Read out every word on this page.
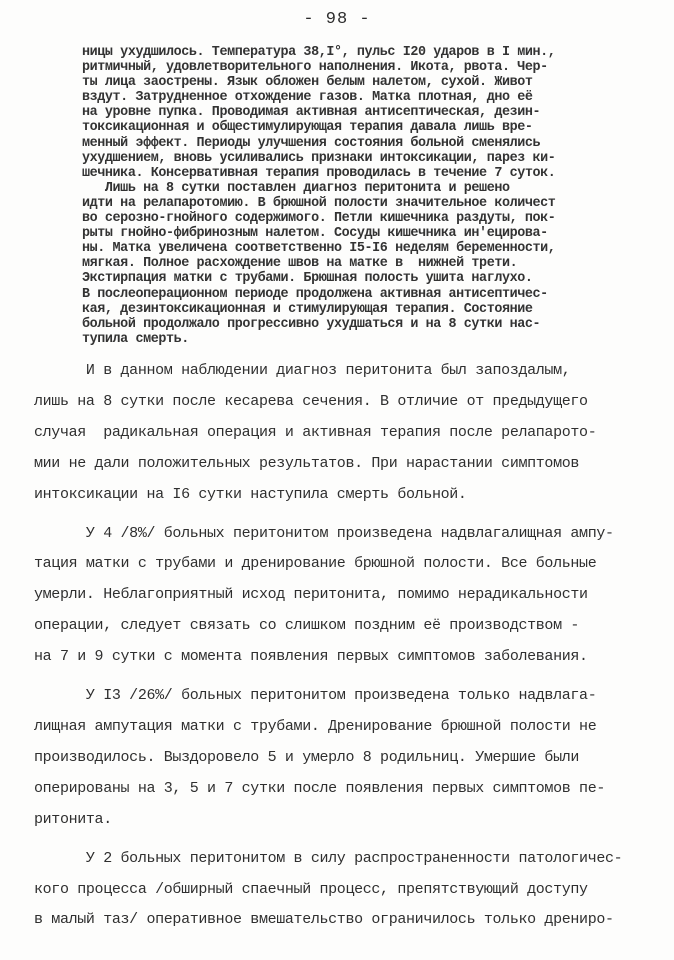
- 98 -
ницы ухудшилось. Температура 38,I°, пульс I20 ударов в I мин.,
ритмичный, удовлетворительного наполнения. Икота, рвота. Чер-
ты лица заострены. Язык обложен белым налетом, сухой. Живот
вздут. Затрудненное отхождение газов. Матка плотная, дно её
на уровне пупка. Проводимая активная антисептическая, дезин-
токсикационная и общестимулирующая терапия давала лишь вре-
менный эффект. Периоды улучшения состояния больной сменялись
ухудшением, вновь усиливались признаки интоксикации, парез ки-
шечника. Консервативная терапия проводилась в течение 7 суток.
Лишь на 8 сутки поставлен диагноз перитонита и решено
идти на релапаротомию. В брюшной полости значительное количест
во серозно-гнойного содержимого. Петли кишечника раздуты, пок-
рыты гнойно-фибринозным налетом. Сосуды кишечника ин'ецирова-
ны. Матка увеличена соответственно I5-I6 неделям беременности,
мягкая. Полное расхождение швов на матке в  нижней трети.
Экстирпация матки с трубами. Брюшная полость ушита наглухо.
В послеоперационном периоде продолжена активная антисептичес-
кая, дезинтоксикационная и стимулирующая терапия. Состояние
больной продолжало прогрессивно ухудшаться и на 8 сутки нас-
тупила смерть.
И в данном наблюдении диагноз перитонита был запоздалым,
лишь на 8 сутки после кесарева сечения. В отличие от предыдущего
случая  радикальная операция и активная терапия после релапарото-
мии не дали положительных результатов. При нарастании симптомов
интоксикации на I6 сутки наступила смерть больной.
У 4 /8%/ больных перитонитом произведена надвлагалищная ампу-
тация матки с трубами и дренирование брюшной полости. Все больные
умерли. Неблагоприятный исход перитонита, помимо нерадикальности
операции, следует связать со слишком поздним её производством -
на 7 и 9 сутки с момента появления первых симптомов заболевания.
У I3 /26%/ больных перитонитом произведена только надвлага-
лищная ампутация матки с трубами. Дренирование брюшной полости не
производилось. Выздоровело 5 и умерло 8 родильниц. Умершие были
оперированы на 3, 5 и 7 сутки после появления первых симптомов пе-
ритонита.
У 2 больных перитонитом в силу распространенности патологичес-
кого процесса /обширный спаечный процесс, препятствующий доступу
в малый таз/ оперативное вмешательство ограничилось только дрениро-
